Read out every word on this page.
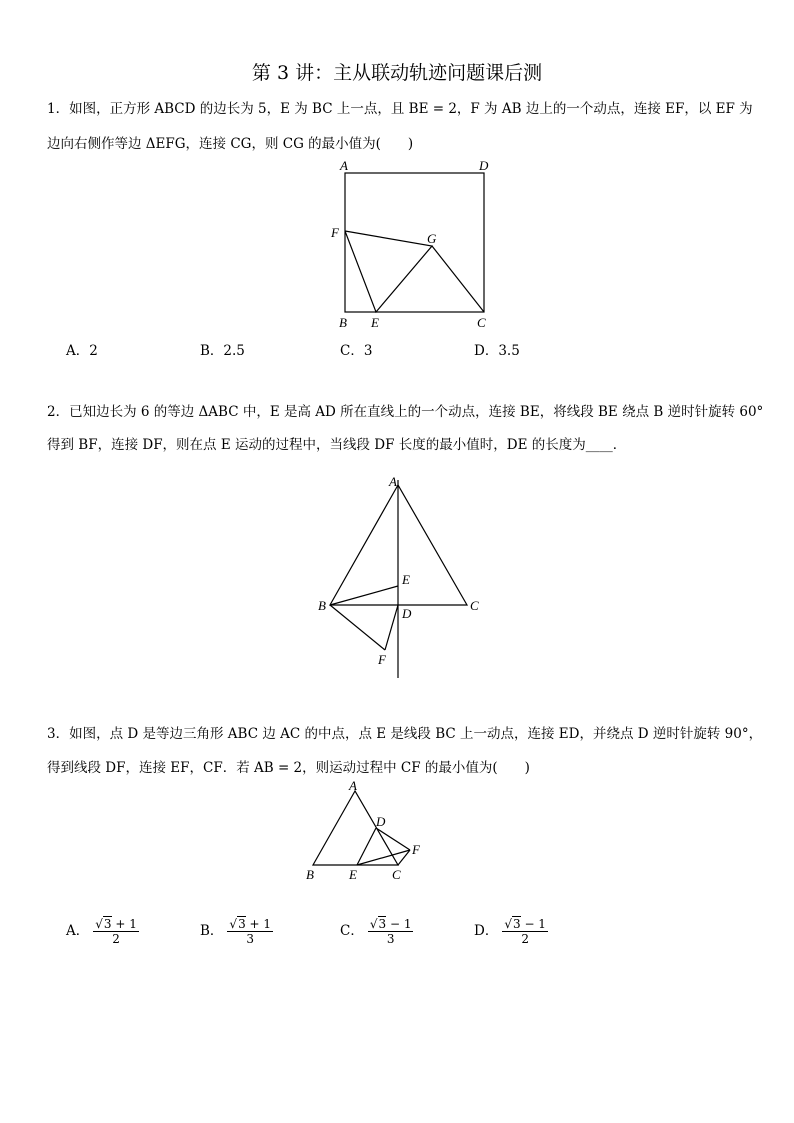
第 3 讲：主从联动轨迹问题课后测
1．如图，正方形 ABCD 的边长为 5，E 为 BC 上一点，且 BE = 2，F 为 AB 边上的一个动点，连接 EF，以 EF 为
边向右侧作等边 ΔEFG，连接 CG，则 CG 的最小值为(　　)
A	D
F	G
B E	C
A．2	B．2.5	C．3	D．3.5
2．已知边长为 6 的等边 ΔABC 中，E 是高 AD 所在直线上的一个动点，连接 BE，将线段 BE 绕点 B 逆时针旋转 60°
得到 BF，连接 DF，则在点 E 运动的过程中，当线段 DF 长度的最小值时，DE 的长度为____．
A
E
B
D
C
F
3．如图，点 D 是等边三角形 ABC 边 AC 的中点，点 E 是线段 BC 上一动点，连接 ED，并绕点 D 逆时针旋转 90°，
得到线段 DF，连接 EF，CF．若 AB = 2，则运动过程中 CF 的最小值为(　　)
A
D
F
B	E	C
A． $\frac{√3 + 1}{2}$	B． $\frac{√3 + 1}{3}$	C． $\frac{√3 - 1}{3}$	D． $\frac{√3 - 1}{2}$
